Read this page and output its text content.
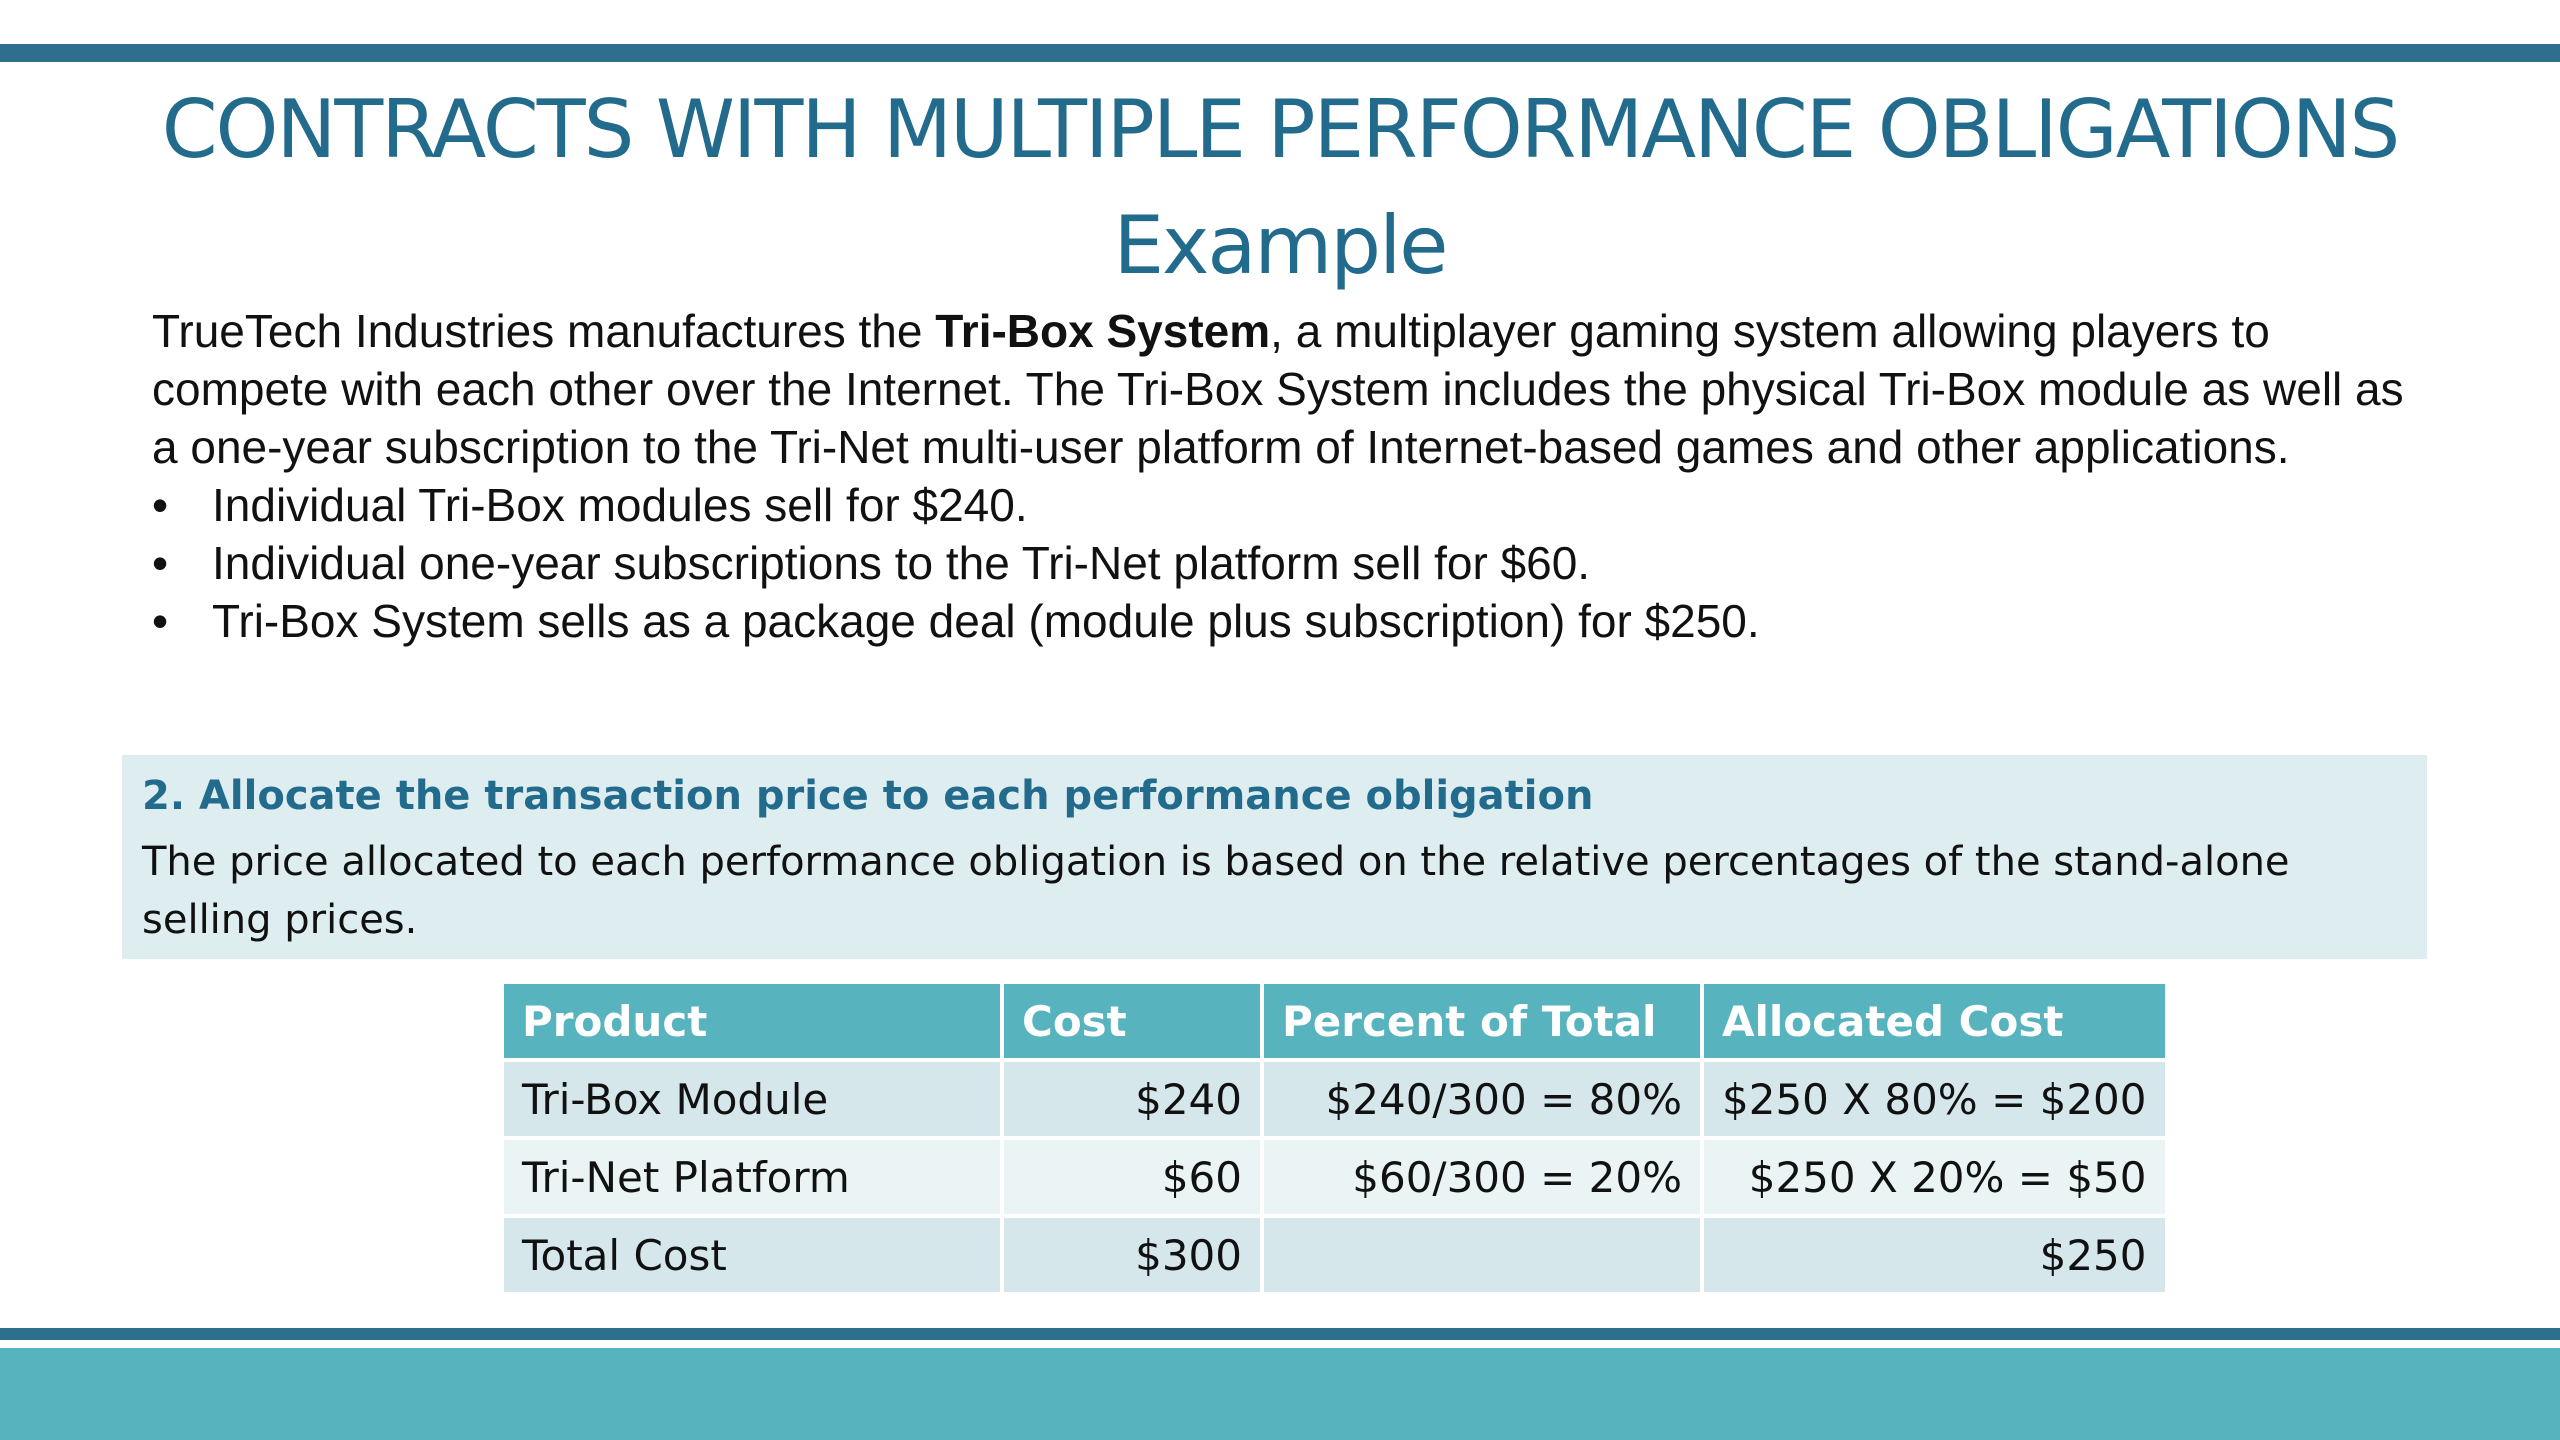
CONTRACTS WITH MULTIPLE PERFORMANCE OBLIGATIONS
Example

TrueTech Industries manufactures the Tri-Box System, a multiplayer gaming system allowing players to compete with each other over the Internet. The Tri-Box System includes the physical Tri-Box module as well as a one-year subscription to the Tri-Net multi-user platform of Internet-based games and other applications.

• Individual Tri-Box modules sell for $240.
• Individual one-year subscriptions to the Tri-Net platform sell for $60.
• Tri-Box System sells as a package deal (module plus subscription) for $250.
2. Allocate the transaction price to each performance obligation
The price allocated to each performance obligation is based on the relative percentages of the stand-alone selling prices.
Product	Cost	Percent of Total	Allocated Cost
Tri-Box Module	$240	$240/300 = 80%	$250 X 80% = $200
Tri-Net Platform	$60	$60/300 = 20%	$250 X 20% = $50
Total Cost	$300		$250
